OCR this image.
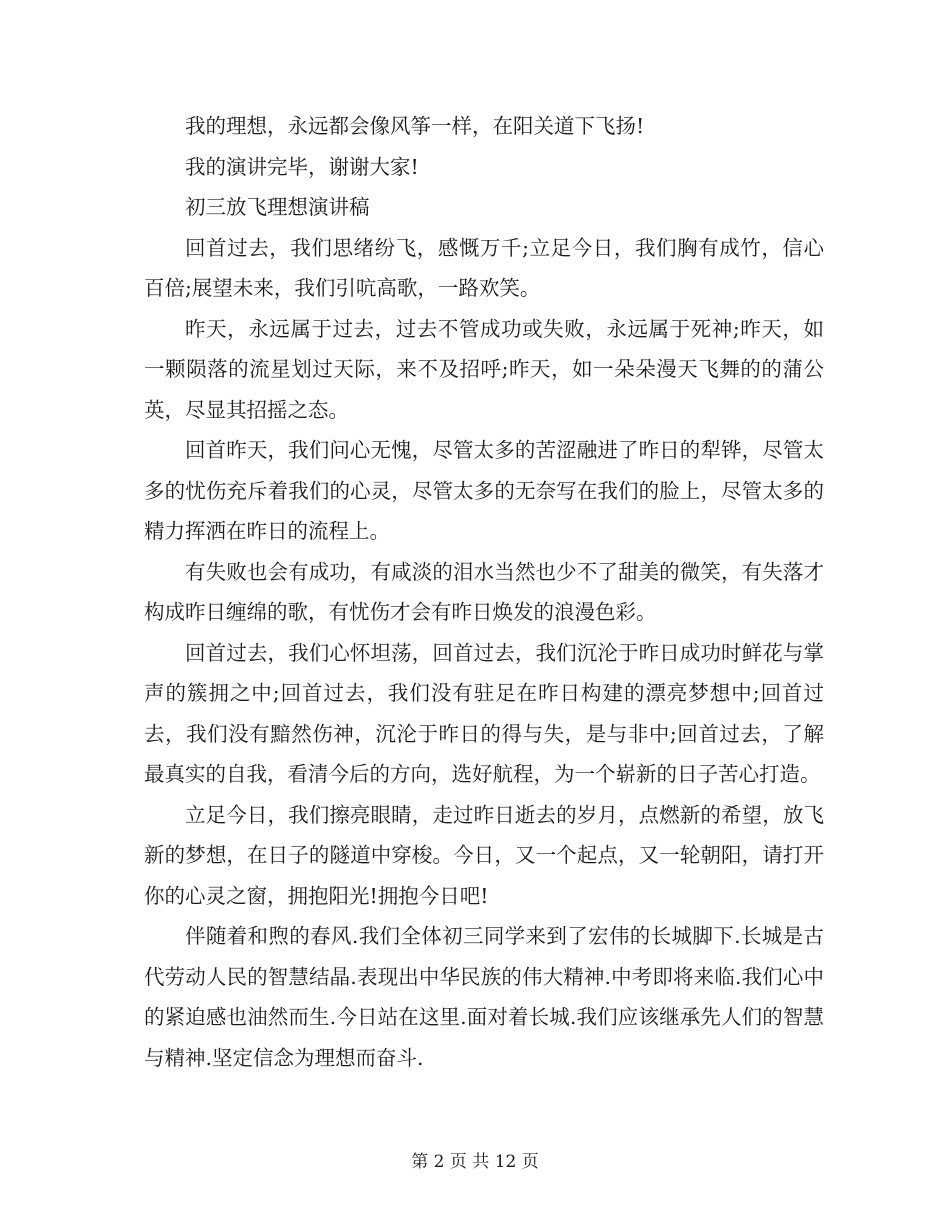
我的理想，永远都会像风筝一样，在阳关道下飞扬!

我的演讲完毕，谢谢大家!

初三放飞理想演讲稿

回首过去，我们思绪纷飞，感慨万千;立足今日，我们胸有成竹，信心百倍;展望未来，我们引吭高歌，一路欢笑。

昨天，永远属于过去，过去不管成功或失败，永远属于死神;昨天，如一颗陨落的流星划过天际，来不及招呼;昨天，如一朵朵漫天飞舞的的蒲公英，尽显其招摇之态。

回首昨天，我们问心无愧，尽管太多的苦涩融进了昨日的犁铧，尽管太多的忧伤充斥着我们的心灵，尽管太多的无奈写在我们的脸上，尽管太多的精力挥洒在昨日的流程上。

有失败也会有成功，有咸淡的泪水当然也少不了甜美的微笑，有失落才构成昨日缠绵的歌，有忧伤才会有昨日焕发的浪漫色彩。

回首过去，我们心怀坦荡，回首过去，我们沉沦于昨日成功时鲜花与掌声的簇拥之中;回首过去，我们没有驻足在昨日构建的漂亮梦想中;回首过去，我们没有黯然伤神，沉沦于昨日的得与失，是与非中;回首过去，了解最真实的自我，看清今后的方向，选好航程，为一个崭新的日子苦心打造。

立足今日，我们擦亮眼睛，走过昨日逝去的岁月，点燃新的希望，放飞新的梦想，在日子的隧道中穿梭。今日，又一个起点，又一轮朝阳，请打开你的心灵之窗，拥抱阳光!拥抱今日吧!

伴随着和煦的春风.我们全体初三同学来到了宏伟的长城脚下.长城是古代劳动人民的智慧结晶.表现出中华民族的伟大精神.中考即将来临.我们心中的紧迫感也油然而生.今日站在这里.面对着长城.我们应该继承先人们的智慧与精神.坚定信念为理想而奋斗.

第 2 页 共 12 页
